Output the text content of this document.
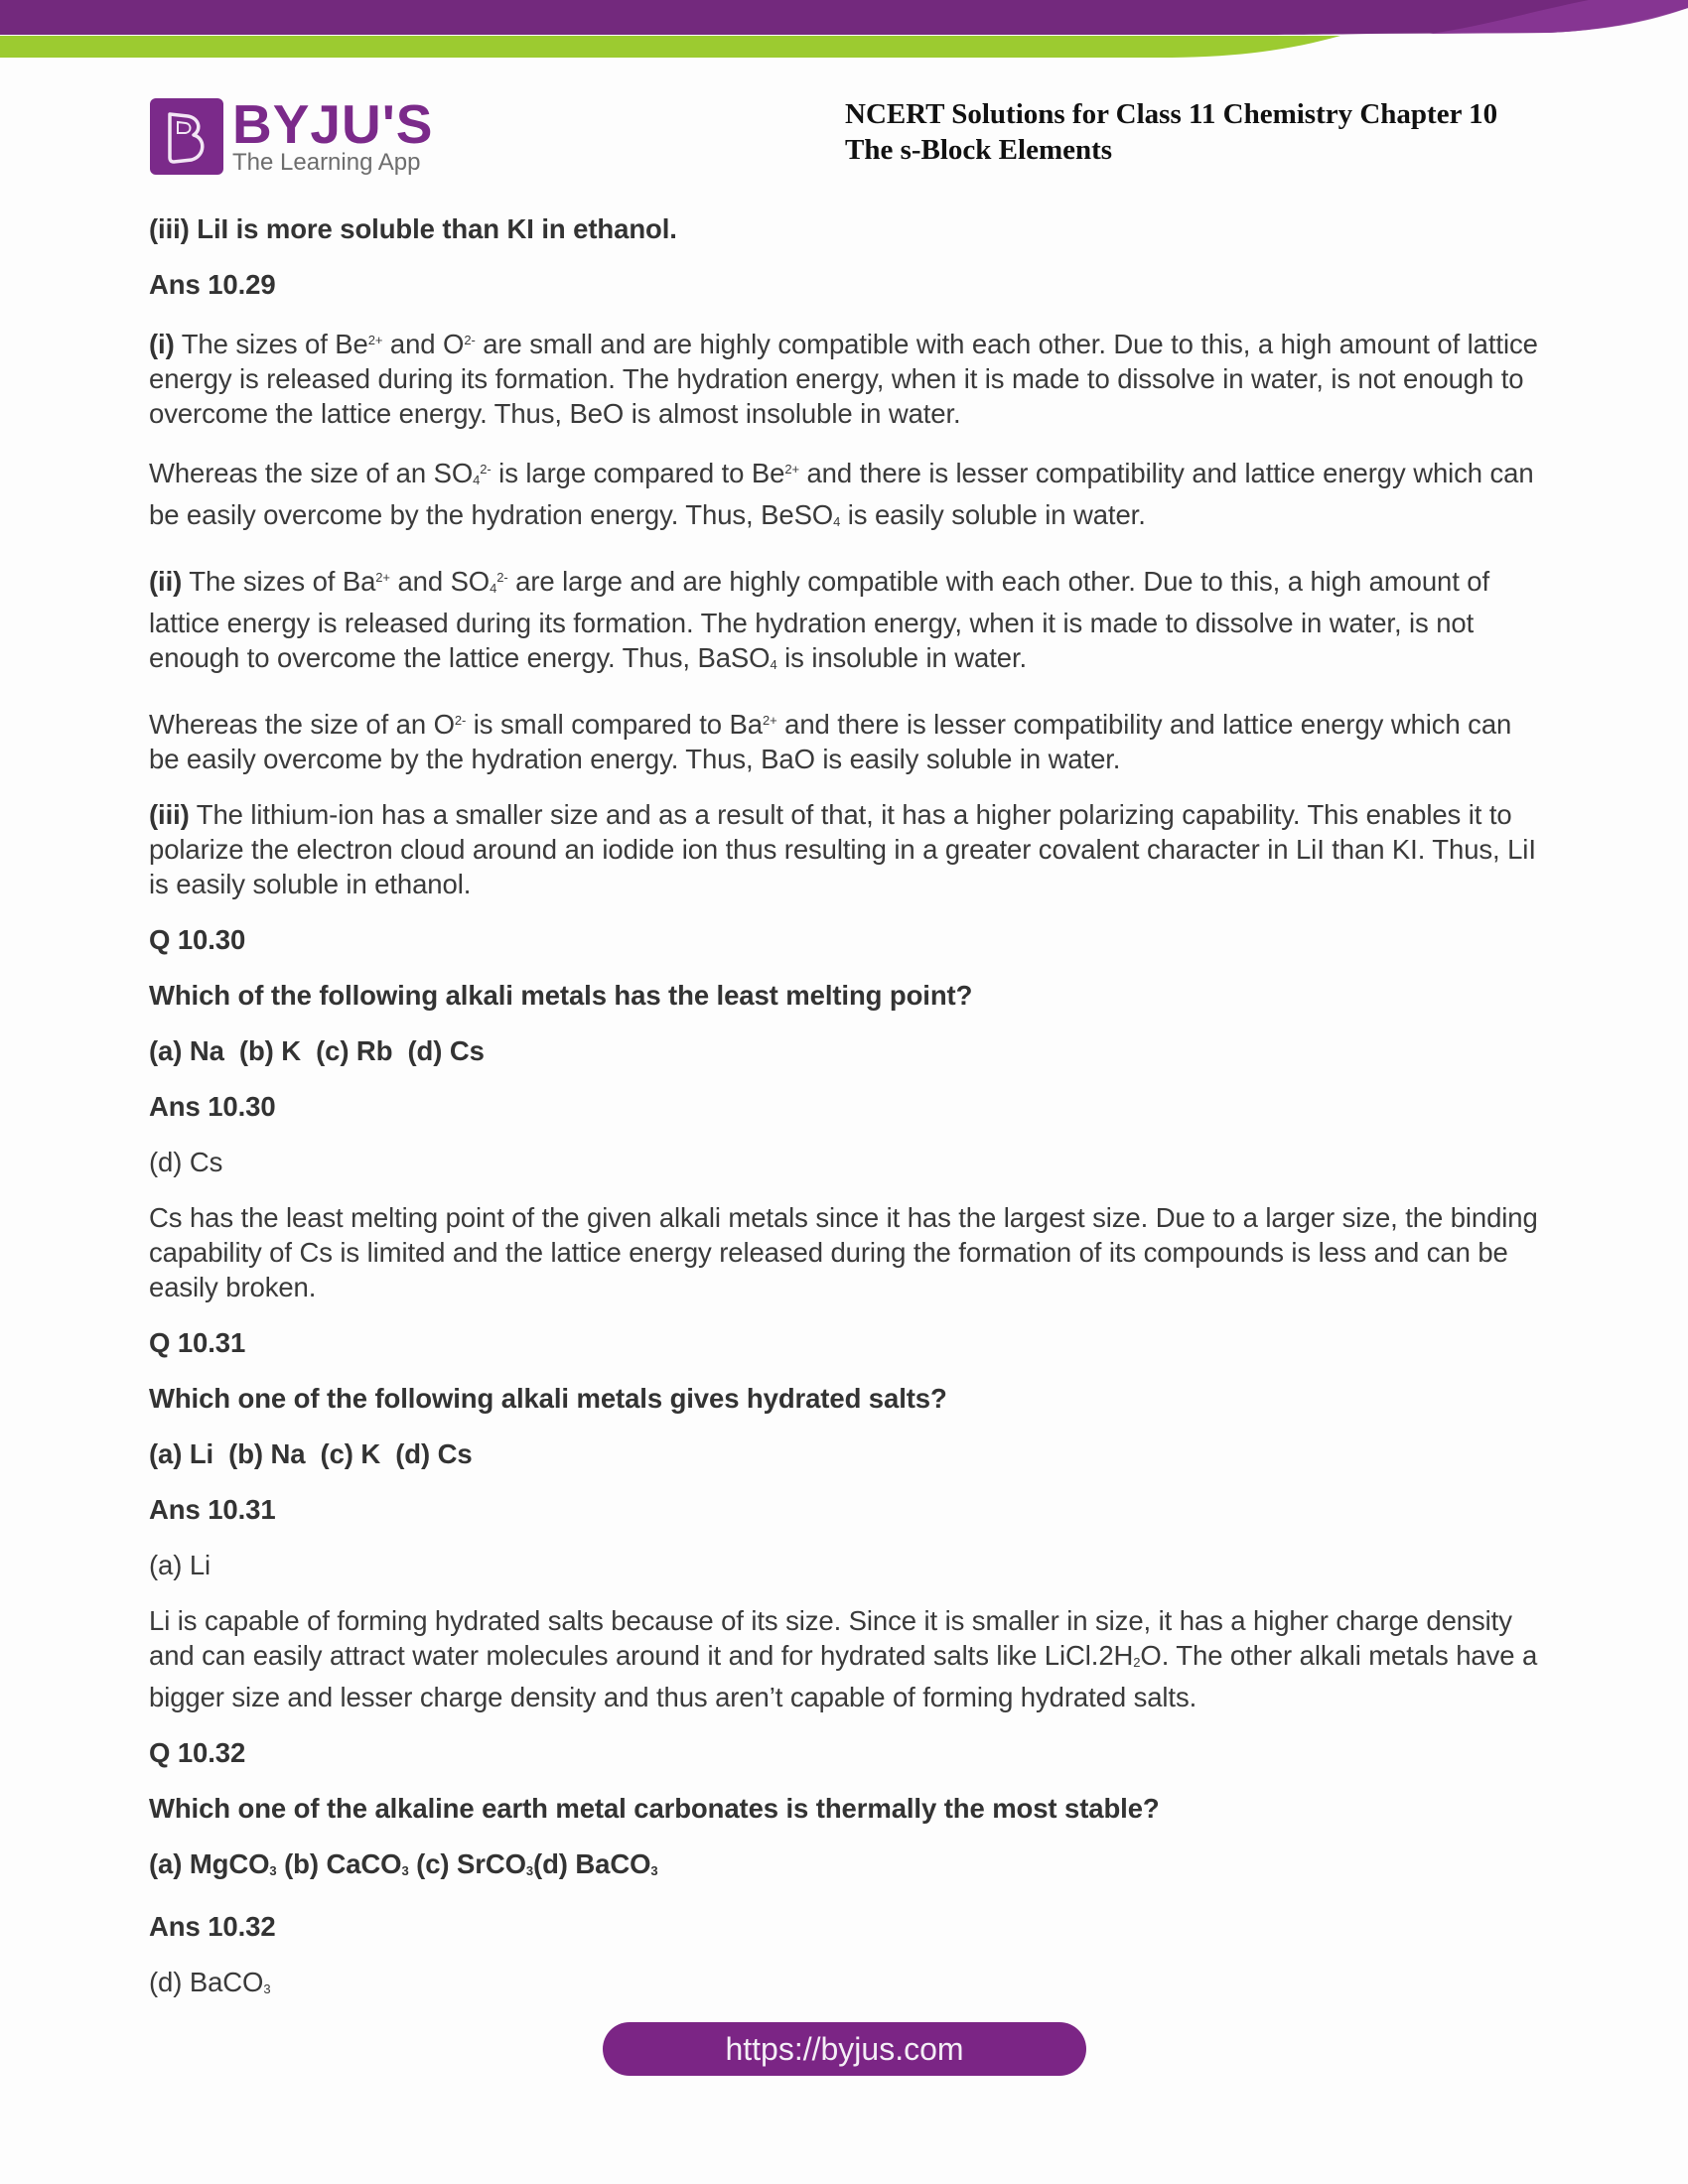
BYJU'S
The Learning App
NCERT Solutions for Class 11 Chemistry Chapter 10
The s-Block Elements
(iii) LiI is more soluble than KI in ethanol.
Ans 10.29
(i) The sizes of $Be^{2+}$ and $O^{2-}$ are small and are highly compatible with each other. Due to this, a high amount of lattice energy is released during its formation. The hydration energy, when it is made to dissolve in water, is not enough to overcome the lattice energy. Thus, BeO is almost insoluble in water.
Whereas the size of an $SO_4^{2-}$ is large compared to $Be^{2+}$ and there is lesser compatibility and lattice energy which can be easily overcome by the hydration energy. Thus, BeSO$_4$ is easily soluble in water.
(ii) The sizes of $Ba^{2+}$ and $SO_4^{2-}$ are large and are highly compatible with each other. Due to this, a high amount of lattice energy is released during its formation. The hydration energy, when it is made to dissolve in water, is not enough to overcome the lattice energy. Thus, BaSO$_4$ is insoluble in water.
Whereas the size of an $O^{2-}$ is small compared to $Ba^{2+}$ and there is lesser compatibility and lattice energy which can be easily overcome by the hydration energy. Thus, BaO is easily soluble in water.
(iii) The lithium-ion has a smaller size and as a result of that, it has a higher polarizing capability. This enables it to polarize the electron cloud around an iodide ion thus resulting in a greater covalent character in LiI than KI. Thus, LiI is easily soluble in ethanol.
Q 10.30
Which of the following alkali metals has the least melting point?
(a) Na  (b) K  (c) Rb  (d) Cs
Ans 10.30
(d) Cs
Cs has the least melting point of the given alkali metals since it has the largest size. Due to a larger size, the binding capability of Cs is limited and the lattice energy released during the formation of its compounds is less and can be easily broken.
Q 10.31
Which one of the following alkali metals gives hydrated salts?
(a) Li  (b) Na  (c) K  (d) Cs
Ans 10.31
(a) Li
Li is capable of forming hydrated salts because of its size. Since it is smaller in size, it has a higher charge density and can easily attract water molecules around it and for hydrated salts like $LiCl.2H_2O$. The other alkali metals have a bigger size and lesser charge density and thus aren’t capable of forming hydrated salts.
Q 10.32
Which one of the alkaline earth metal carbonates is thermally the most stable?
(a) MgCO$_3$ (b) CaCO$_3$ (c) SrCO$_3$(d) BaCO$_3$
Ans 10.32
(d) BaCO$_3$
https://byjus.com
